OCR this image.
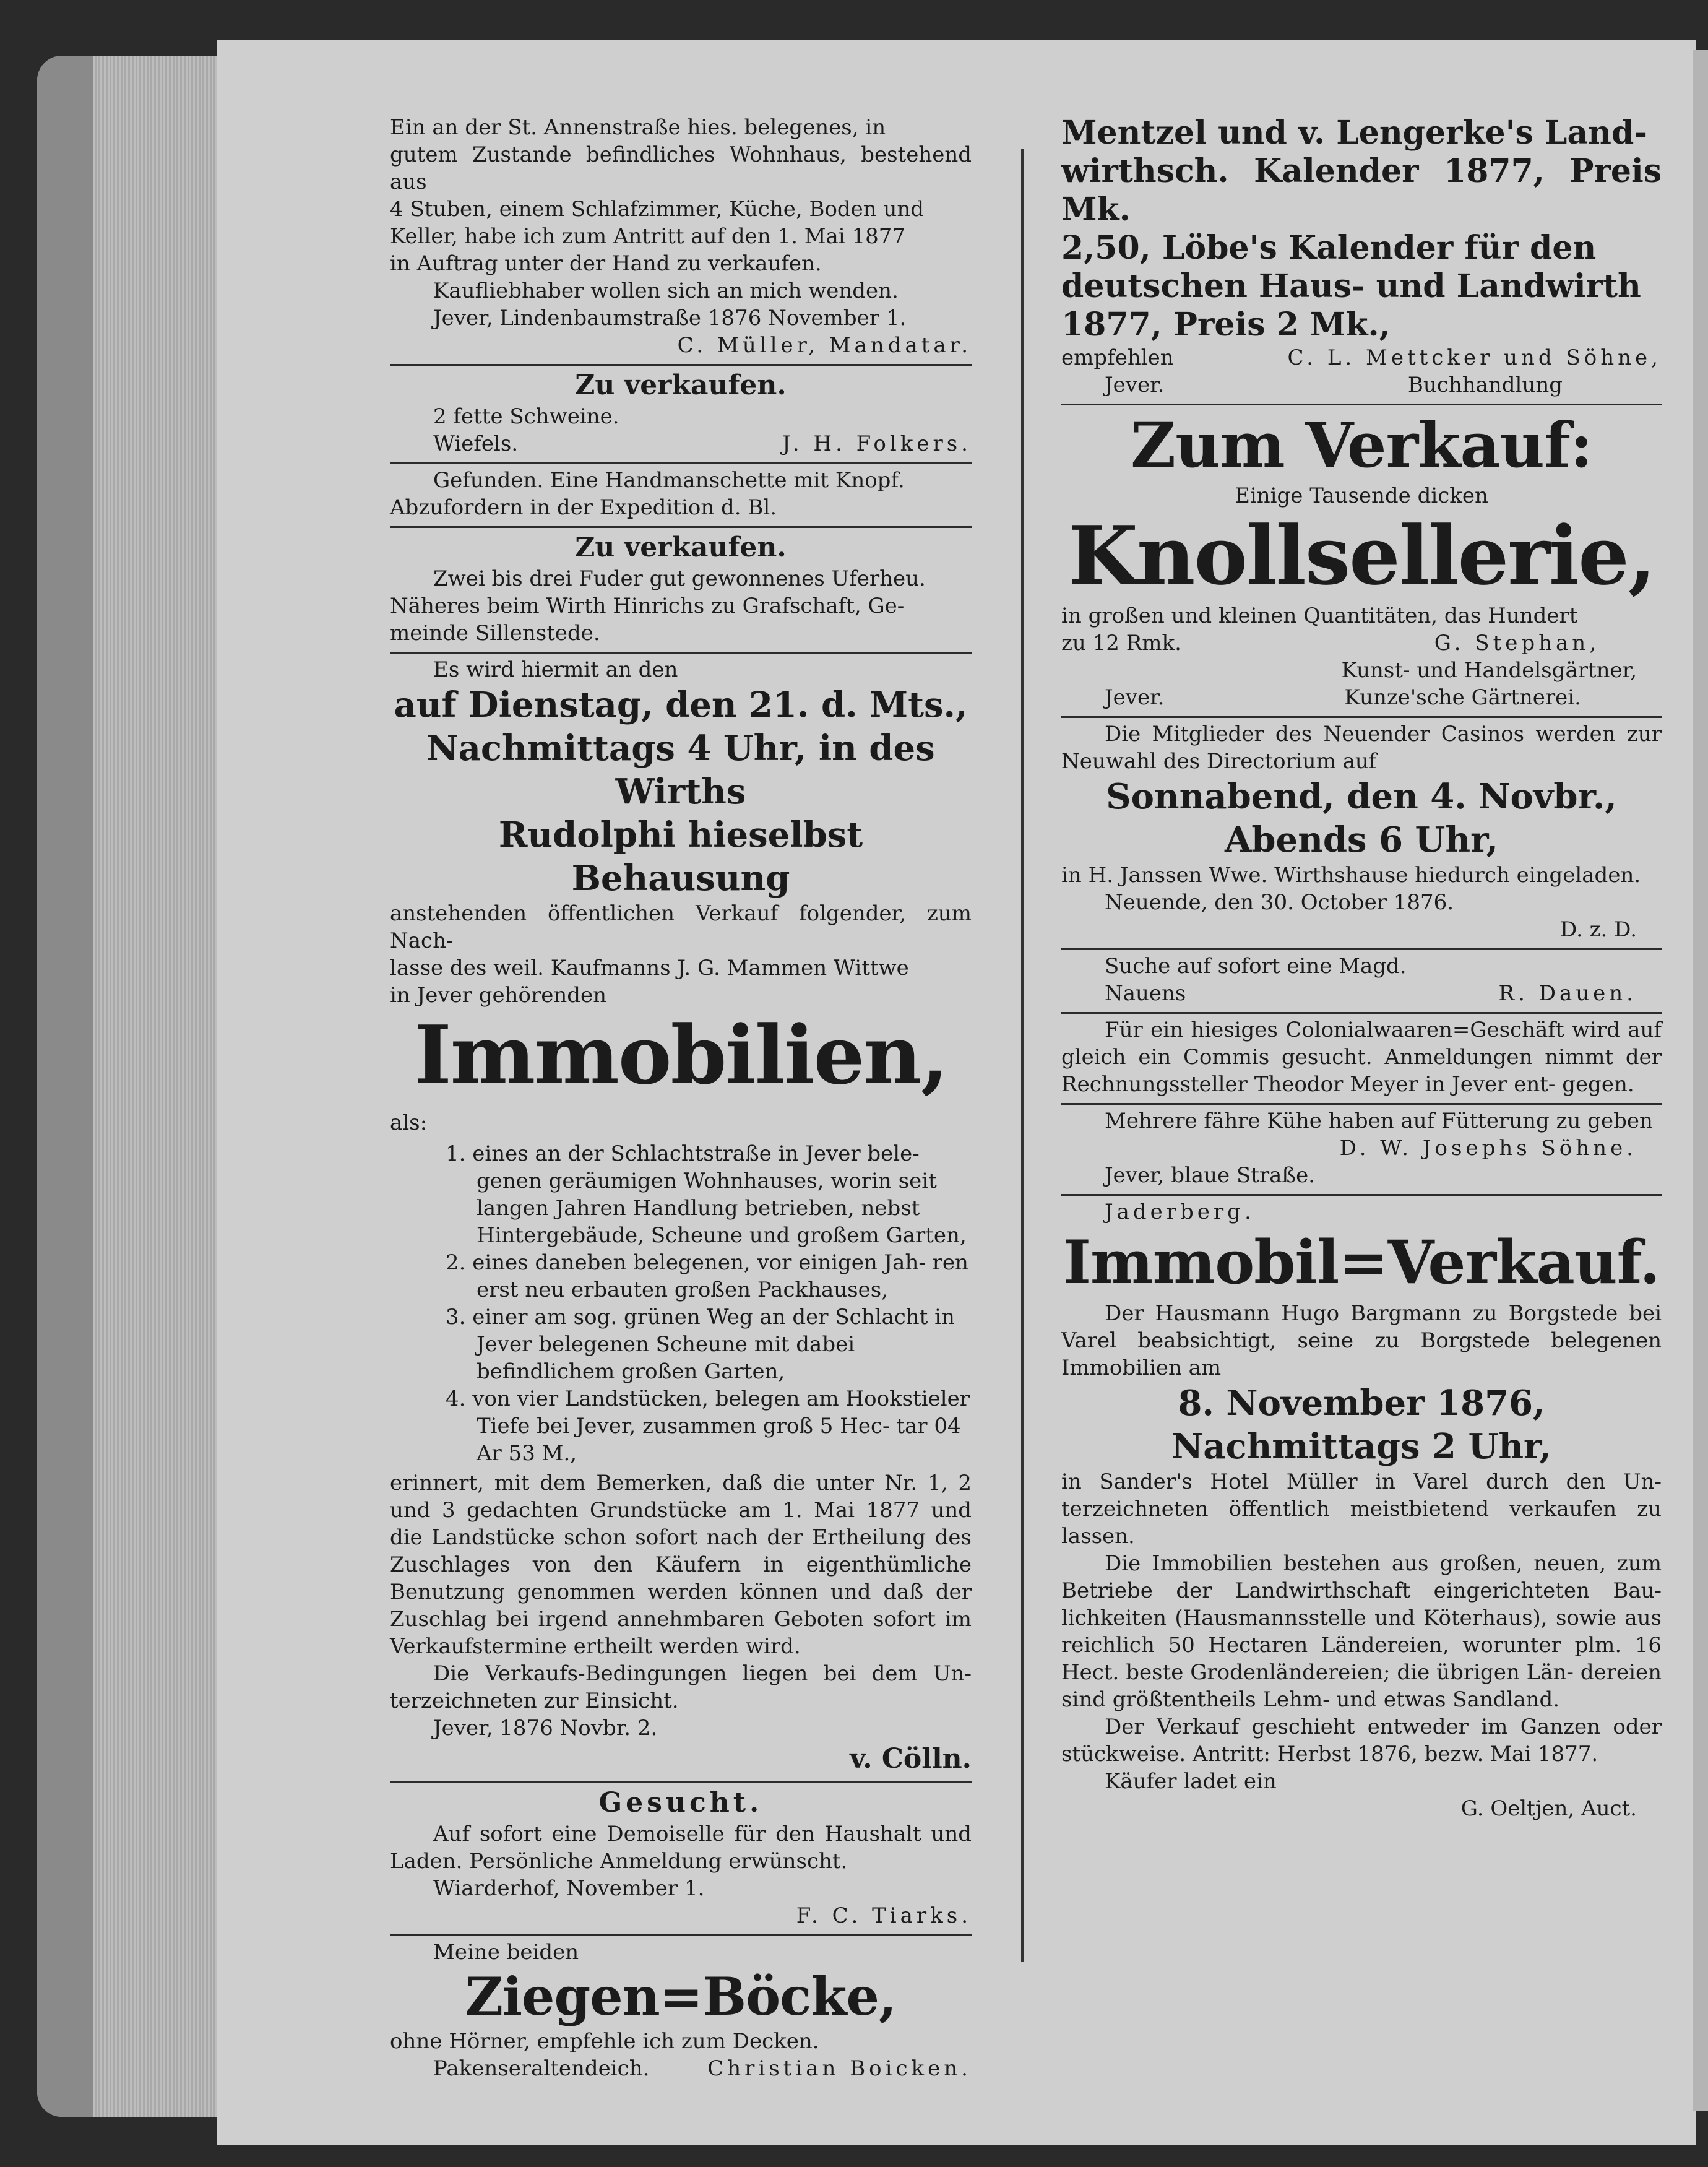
Ein an der St. Annenstraße hies. belegenes, in

gutem Zustande befindliches Wohnhaus, bestehend aus

4 Stuben, einem Schlafzimmer, Küche, Boden und

Keller, habe ich zum Antritt auf den 1. Mai 1877

in Auftrag unter der Hand zu verkaufen.

Kaufliebhaber wollen sich an mich wenden.

Jever, Lindenbaumstraße 1876 November 1.

C. Müller, Mandatar.

Zu verkaufen.

2 fette Schweine.

Wiefels.	J. H. Folkers.

Gefunden. Eine Handmanschette mit Knopf.

Abzufordern in der Expedition d. Bl.

Zu verkaufen.

Zwei bis drei Fuder gut gewonnenes Uferheu.

Näheres beim Wirth Hinrichs zu Grafschaft, Ge-

meinde Sillenstede.

Es wird hiermit an den

auf Dienstag, den 21. d. Mts.,

Nachmittags 4 Uhr, in des Wirths

Rudolphi hieselbst Behausung

anstehenden öffentlichen Verkauf folgender, zum Nach-

lasse des weil. Kaufmanns J. G. Mammen Wittwe

in Jever gehörenden

Immobilien,

als:

1. eines an der Schlachtstraße in Jever bele- genen geräumigen Wohnhauses, worin seit langen Jahren Handlung betrieben, nebst Hintergebäude, Scheune und großem Garten,
2. eines daneben belegenen, vor einigen Jah- ren erst neu erbauten großen Packhauses,
3. einer am sog. grünen Weg an der Schlacht in Jever belegenen Scheune mit dabei befindlichem großen Garten,
4. von vier Landstücken, belegen am Hookstieler Tiefe bei Jever, zusammen groß 5 Hec- tar 04 Ar 53 M.,

erinnert, mit dem Bemerken, daß die unter Nr. 1, 2 und 3 gedachten Grundstücke am 1. Mai 1877 und die Landstücke schon sofort nach der Ertheilung des Zuschlages von den Käufern in eigenthümliche Benutzung genommen werden können und daß der Zuschlag bei irgend annehmbaren Geboten sofort im Verkaufstermine ertheilt werden wird.

Die Verkaufs-Bedingungen liegen bei dem Un- terzeichneten zur Einsicht.

Jever, 1876 Novbr. 2.

v. Cölln.

Gesucht.

Auf sofort eine Demoiselle für den Haushalt und Laden. Persönliche Anmeldung erwünscht.

Wiarderhof, November 1.

F. C. Tiarks.

Meine beiden

Ziegen=Böcke,

ohne Hörner, empfehle ich zum Decken.

Pakenseraltendeich.	Christian Boicken.

Mentzel und v. Lengerke's Land-

wirthsch. Kalender 1877, Preis Mk.

2,50, Löbe's Kalender für den

deutschen Haus- und Landwirth

1877, Preis 2 Mk.,

empfehlen	C. L. Mettcker und Söhne,
Jever.	Buchhandlung

Zum Verkauf:

Einige Tausende dicken

Knollsellerie,

in großen und kleinen Quantitäten, das Hundert

zu 12 Rmk.	G. Stephan,

Kunst- und Handelsgärtner,

Jever.	Kunze'sche Gärtnerei.

Die Mitglieder des Neuender Casinos werden zur Neuwahl des Directorium auf

Sonnabend, den 4. Novbr.,

Abends 6 Uhr,

in H. Janssen Wwe. Wirthshause hiedurch eingeladen.

Neuende, den 30. October 1876.

D. z. D.

Suche auf sofort eine Magd.

Nauens	R. Dauen.

Für ein hiesiges Colonialwaaren=Geschäft wird auf gleich ein Commis gesucht. Anmeldungen nimmt der Rechnungssteller Theodor Meyer in Jever ent- gegen.

Mehrere fähre Kühe haben auf Fütterung zu geben

D. W. Josephs Söhne.

Jever, blaue Straße.

Jaderberg.

Immobil=Verkauf.

Der Hausmann Hugo Bargmann zu Borgstede bei Varel beabsichtigt, seine zu Borgstede belegenen Immobilien am

8. November 1876,

Nachmittags 2 Uhr,

in Sander's Hotel Müller in Varel durch den Un- terzeichneten öffentlich meistbietend verkaufen zu lassen.

Die Immobilien bestehen aus großen, neuen, zum Betriebe der Landwirthschaft eingerichteten Bau- lichkeiten (Hausmannsstelle und Köterhaus), sowie aus reichlich 50 Hectaren Ländereien, worunter plm. 16 Hect. beste Grodenländereien; die übrigen Län- dereien sind größtentheils Lehm- und etwas Sandland.

Der Verkauf geschieht entweder im Ganzen oder stückweise. Antritt: Herbst 1876, bezw. Mai 1877.

Käufer ladet ein

G. Oeltjen, Auct.
